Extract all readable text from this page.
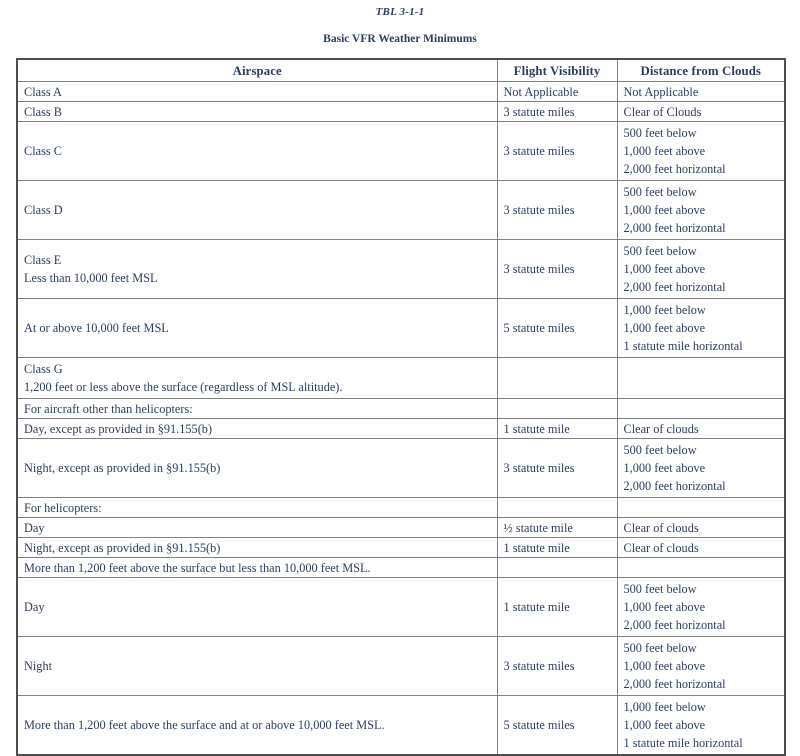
TBL 3-1-1
Basic VFR Weather Minimums
Airspace	Flight Visibility	Distance from Clouds

Class A	Not Applicable	Not Applicable

Class B	3 statute miles	Clear of Clouds

Class C	3 statute miles	500 feet below
1,000 feet above
2,000 feet horizontal

Class D	3 statute miles	500 feet below
1,000 feet above
2,000 feet horizontal

Class E
Less than 10,000 feet MSL	3 statute miles	500 feet below
1,000 feet above
2,000 feet horizontal

At or above 10,000 feet MSL	5 statute miles	1,000 feet below
1,000 feet above
1 statute mile horizontal

Class G
1,200 feet or less above the surface (regardless of MSL altitude).		

For aircraft other than helicopters:		

Day, except as provided in §91.155(b)	1 statute mile	Clear of clouds

Night, except as provided in §91.155(b)	3 statute miles	500 feet below
1,000 feet above
2,000 feet horizontal

For helicopters:		

Day	½ statute mile	Clear of clouds

Night, except as provided in §91.155(b)	1 statute mile	Clear of clouds

More than 1,200 feet above the surface but less than 10,000 feet MSL.		

Day	1 statute mile	500 feet below
1,000 feet above
2,000 feet horizontal

Night	3 statute miles	500 feet below
1,000 feet above
2,000 feet horizontal

More than 1,200 feet above the surface and at or above 10,000 feet MSL.	5 statute miles	1,000 feet below
1,000 feet above
1 statute mile horizontal
